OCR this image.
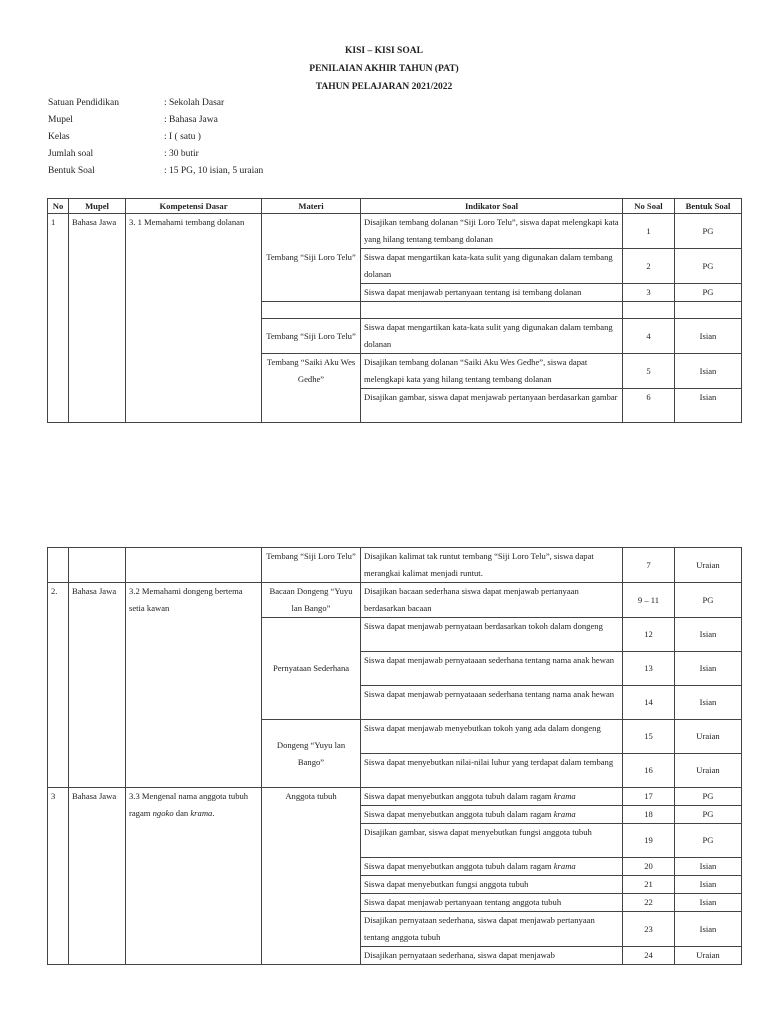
KISI – KISI SOAL
PENILAIAN AKHIR TAHUN (PAT)
TAHUN PELAJARAN 2021/2022
Satuan Pendidikan	: Sekolah Dasar
Mupel	: Bahasa Jawa
Kelas	: I ( satu )
Jumlah soal	: 30 butir
Bentuk Soal	: 15 PG, 10 isian, 5 uraian
No	Mupel	Kompetensi Dasar	Materi	Indikator Soal	No Soal	Bentuk Soal
1	Bahasa Jawa	3. 1 Memahami tembang dolanan	Tembang “Siji Loro Telu”	Disajikan tembang dolanan “Siji Loro Telu”, siswa dapat melengkapi kata yang hilang tentang tembang dolanan	1	PG
				Siswa dapat mengartikan kata-kata sulit yang digunakan dalam tembang dolanan	2	PG
				Siswa dapat menjawab pertanyaan tentang isi tembang dolanan	3	PG

			Tembang “Siji Loro Telu”	Siswa dapat mengartikan kata-kata sulit yang digunakan dalam tembang dolanan	4	Isian
			Tembang “Saiki Aku Wes Gedhe”	Disajikan tembang dolanan “Saiki Aku Wes Gedhe”, siswa dapat melengkapi kata yang hilang tentang tembang dolanan	5	Isian
				Disajikan gambar, siswa dapat menjawab pertanyaan berdasarkan gambar	6	Isian
			Tembang “Siji Loro Telu”	Disajikan kalimat tak runtut tembang “Siji Loro Telu”, siswa dapat merangkai kalimat menjadi runtut.	7	Uraian
2.	Bahasa Jawa	3.2 Memahami dongeng bertema setia kawan	Bacaan Dongeng “Yuyu lan Bango”	Disajikan bacaan sederhana siswa dapat menjawab pertanyaan berdasarkan bacaan	9 – 11	PG
			Pernyataan Sederhana	Siswa dapat menjawab pernyataan berdasarkan tokoh dalam dongeng	12	Isian
				Siswa dapat menjawab pernyataaan sederhana tentang nama anak hewan	13	Isian
				Siswa dapat menjawab pernyataaan sederhana tentang nama anak hewan	14	Isian
			Dongeng “Yuyu lan Bango”	Siswa dapat menjawab menyebutkan tokoh yang ada dalam dongeng	15	Uraian
				Siswa dapat menyebutkan nilai-nilai luhur yang terdapat dalam tembang	16	Uraian
3	Bahasa Jawa	3.3 Mengenal nama anggota tubuh ragam ngoko dan krama.	Anggota tubuh	Siswa dapat menyebutkan anggota tubuh dalam ragam krama	17	PG
				Siswa dapat menyebutkan anggota tubuh dalam ragam krama	18	PG
				Disajikan gambar, siswa dapat menyebutkan fungsi anggota tubuh	19	PG
				Siswa dapat menyebutkan anggota tubuh dalam ragam krama	20	Isian
				Siswa dapat menyebutkan fungsi anggota tubuh	21	Isian
				Siswa dapat menjawab pertanyaan tentang anggota tubuh	22	Isian
				Disajikan pernyataan sederhana, siswa dapat menjawab pertanyaan tentang anggota tubuh	23	Isian
				Disajikan pernyataan sederhana, siswa dapat menjawab	24	Uraian
